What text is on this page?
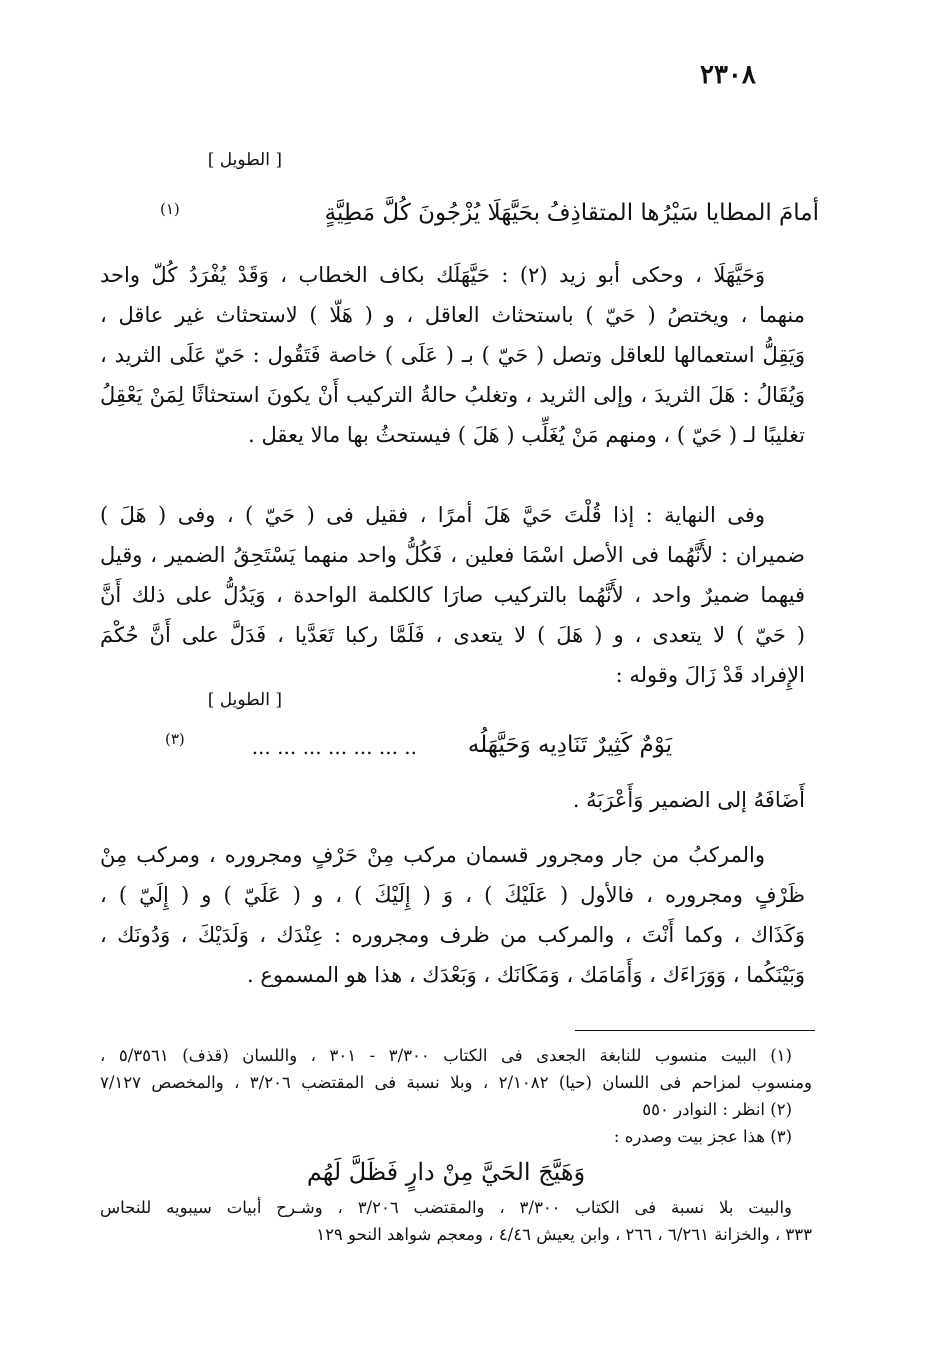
٢٣٠٨
[ الطويل ]
بحَيَّهَلَا يُزْجُونَ كُلَّ مَطِيَّةٍ أمامَ المطايا سَيْرُها المتقاذِفُ
(١)
وَحَيَّهَلَا ، وحكى أبو زيد (٢) : حَيَّهَلَك بكاف الخطاب ، وَقَدْ يُفْرَدُ كُلّ واحد
منهما ، ويختصُ ( حَيّ ) باستحثاث العاقل ، و ( هَلّا ) لاستحثاث غير عاقل ،
وَيَقِلُّ استعمالها للعاقل وتصل ( حَيّ ) بـ ( عَلَى ) خاصة فَتَقُول : حَيّ عَلَى الثريد ،
وَيُقَالُ : هَلَ الثريدَ ، وإلى الثريد ، وتغلبُ حالةُ التركيب أَنْ يكونَ استحثاثًا لِمَنْ يَعْقِلُ
تغليبًا لـ ( حَيّ ) ، ومنهم مَنْ يُغَلِّب ( هَلَ ) فيستحثُ بها مالا يعقل .
وفى النهاية : إذا قُلْتَ حَيَّ هَلَ أمرًا ، فقيل فى ( حَيّ ) ، وفى ( هَلَ )
ضميران : لأَنَّهُما فى الأصل اسْمَا فعلين ، فَكُلُّ واحد منهما يَسْتَحِقُ الضمير ، وقيل
فيهما ضميرٌ واحد ، لأَنَّهُما بالتركيب صارَا كالكلمة الواحدة ، وَيَدُلُّ على ذلك أَنَّ
( حَيّ ) لا يتعدى ، و ( هَلَ ) لا يتعدى ، فَلَمَّا ركبا تَعَدَّيا ، فَدَلَّ على أَنَّ حُكْمَ
الإِفراد قَدْ زَالَ وقوله :
[ الطويل ]
.. ... ... ... ... ... ... يَوْمٌ كَثِيرٌ تَنَادِيه وَحَيَّهَلُه
(٣)
أَضَافَهُ إلى الضمير وَأَعْرَبَهُ .
والمركبُ من جار ومجرور قسمان مركب مِنْ حَرْفٍ ومجروره ، ومركب مِنْ
ظَرْفٍ ومجروره ، فالأول ( عَلَيْكَ ) ، وَ ( إِلَيْكَ ) ، و ( عَلَيّ ) و ( إِلَيّ ) ،
وَكَذَاك ، وكما أَنْتَ ، والمركب من ظرف ومجروره : عِنْدَك ، وَلَدَيْكَ ، وَدُونَك ،
وَبَيْنَكُما ، وَوَرَاءَك ، وَأَمَامَك ، وَمَكَانَك ، وَبَعْدَك ، هذا هو المسموع .
(١) البيت منسوب للنابغة الجعدى فى الكتاب ٣/٣٠٠ - ٣٠١ ، واللسان (قذف) ٥/٣٥٦١ ،
ومنسوب لمزاحم فى اللسان (حيا) ٢/١٠٨٢ ، وبلا نسبة فى المقتضب ٣/٢٠٦ ، والمخصص ٧/١٢٧
(٢) انظر : النوادر ٥٥٠
(٣) هذا عجز بيت وصدره :
وَهَيَّجَ الحَيَّ مِنْ دارٍ فَظَلَّ لَهُم
والبيت بلا نسبة فى الكتاب ٣/٣٠٠ ، والمقتضب ٣/٢٠٦ ، وشـرح أبيات سيبويه للنحاس
٣٣٣ ، والخزانة ٦/٢٦١ ، ٢٦٦ ، وابن يعيش ٤/٤٦ ، ومعجم شواهد النحو ١٢٩
